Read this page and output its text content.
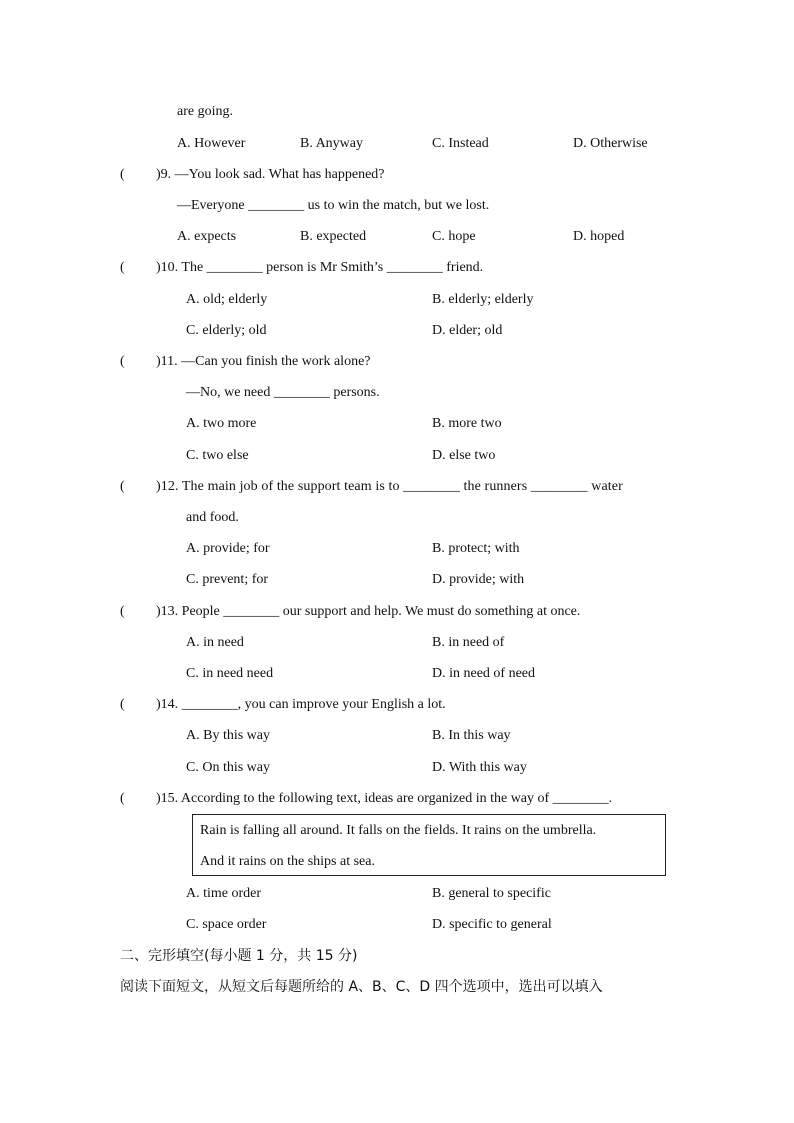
are going.
A. However	B. Anyway	C. Instead	D. Otherwise
( )9. —You look sad. What has happened?
—Everyone ________ us to win the match, but we lost.
A. expects	B. expected	C. hope	D. hoped
( )10. The ________ person is Mr Smith’s ________ friend.
A. old; elderly	B. elderly; elderly
C. elderly; old	D. elder; old
( )11. —Can you finish the work alone?
—No, we need ________ persons.
A. two more	B. more two
C. two else	D. else two
( )12. The main job of the support team is to ________ the runners ________ water
and food.
A. provide; for	B. protect; with
C. prevent; for	D. provide; with
( )13. People ________ our support and help. We must do something at once.
A. in need	B. in need of
C. in need need	D. in need of need
( )14. ________, you can improve your English a lot.
A. By this way	B. In this way
C. On this way	D. With this way
( )15. According to the following text, ideas are organized in the way of ________.
Rain is falling all around. It falls on the fields. It rains on the umbrella.
And it rains on the ships at sea.
A. time order	B. general to specific
C. space order	D. specific to general
二、完形填空(每小题 1 分，共 15 分)
阅读下面短文，从短文后每题所给的 A、B、C、D 四个选项中，选出可以填入
